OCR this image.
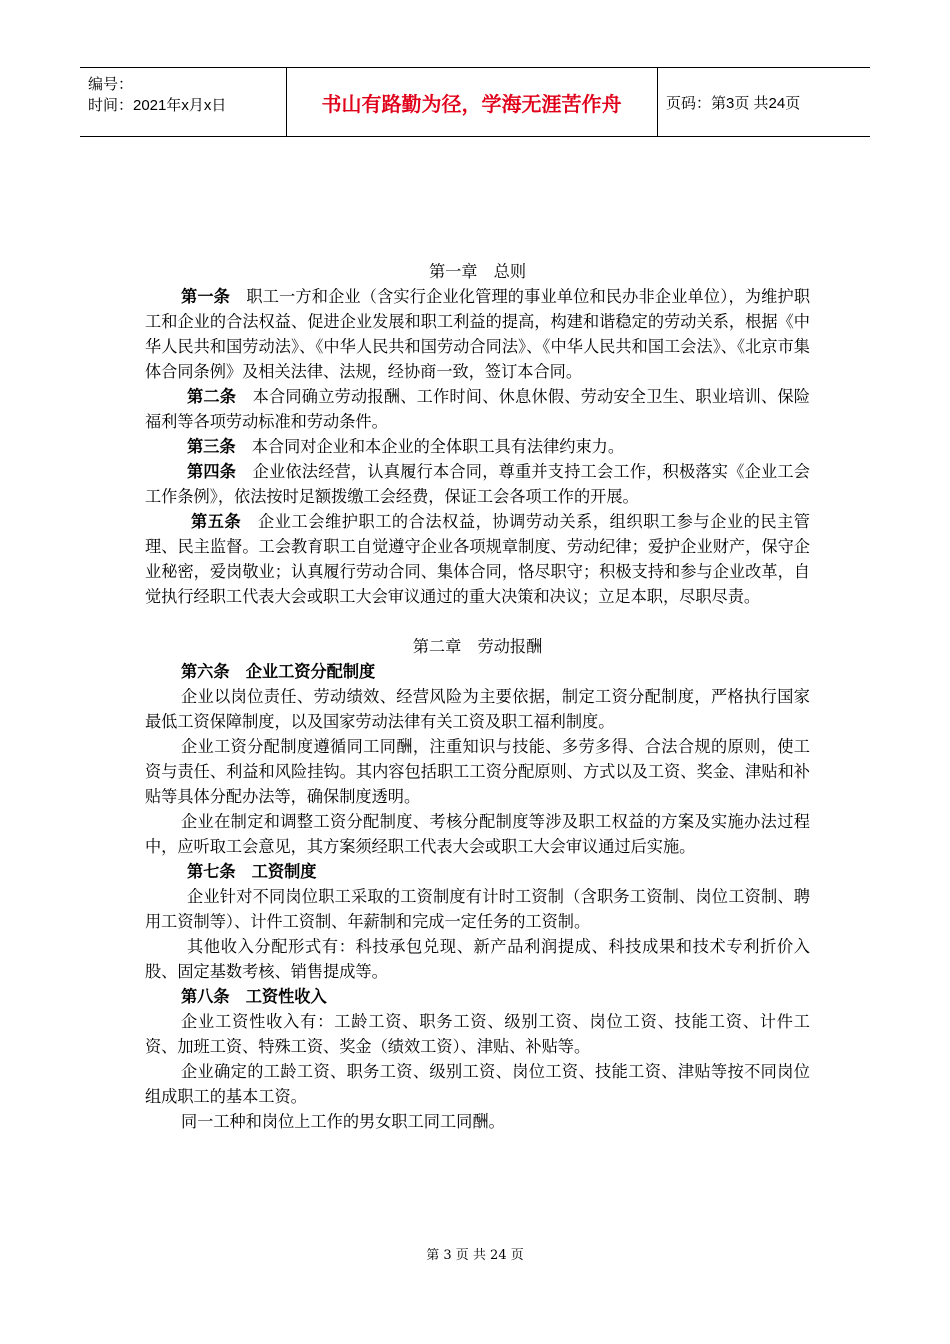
编号：
时间：2021年x月x日	书山有路勤为径，学海无涯苦作舟	页码：第3页 共24页

第一章　总则

第一条　职工一方和企业（含实行企业化管理的事业单位和民办非企业单位），为维护职工和企业的合法权益、促进企业发展和职工利益的提高，构建和谐稳定的劳动关系，根据《中华人民共和国劳动法》、《中华人民共和国劳动合同法》、《中华人民共和国工会法》、《北京市集体合同条例》及相关法律、法规，经协商一致，签订本合同。

第二条　本合同确立劳动报酬、工作时间、休息休假、劳动安全卫生、职业培训、保险福利等各项劳动标准和劳动条件。

第三条　本合同对企业和本企业的全体职工具有法律约束力。

第四条　企业依法经营，认真履行本合同，尊重并支持工会工作，积极落实《企业工会工作条例》，依法按时足额拨缴工会经费，保证工会各项工作的开展。

第五条　企业工会维护职工的合法权益，协调劳动关系，组织职工参与企业的民主管理、民主监督。工会教育职工自觉遵守企业各项规章制度、劳动纪律；爱护企业财产，保守企业秘密，爱岗敬业；认真履行劳动合同、集体合同，恪尽职守；积极支持和参与企业改革，自觉执行经职工代表大会或职工大会审议通过的重大决策和决议；立足本职，尽职尽责。

第二章　劳动报酬

第六条　企业工资分配制度

企业以岗位责任、劳动绩效、经营风险为主要依据，制定工资分配制度，严格执行国家最低工资保障制度，以及国家劳动法律有关工资及职工福利制度。

企业工资分配制度遵循同工同酬，注重知识与技能、多劳多得、合法合规的原则，使工资与责任、利益和风险挂钩。其内容包括职工工资分配原则、方式以及工资、奖金、津贴和补贴等具体分配办法等，确保制度透明。

企业在制定和调整工资分配制度、考核分配制度等涉及职工权益的方案及实施办法过程中，应听取工会意见，其方案须经职工代表大会或职工大会审议通过后实施。

第七条　工资制度

企业针对不同岗位职工采取的工资制度有计时工资制（含职务工资制、岗位工资制、聘用工资制等）、计件工资制、年薪制和完成一定任务的工资制。

其他收入分配形式有：科技承包兑现、新产品利润提成、科技成果和技术专利折价入股、固定基数考核、销售提成等。

第八条　工资性收入

企业工资性收入有：工龄工资、职务工资、级别工资、岗位工资、技能工资、计件工资、加班工资、特殊工资、奖金（绩效工资）、津贴、补贴等。

企业确定的工龄工资、职务工资、级别工资、岗位工资、技能工资、津贴等按不同岗位组成职工的基本工资。

同一工种和岗位上工作的男女职工同工同酬。

第 3 页 共 24 页
